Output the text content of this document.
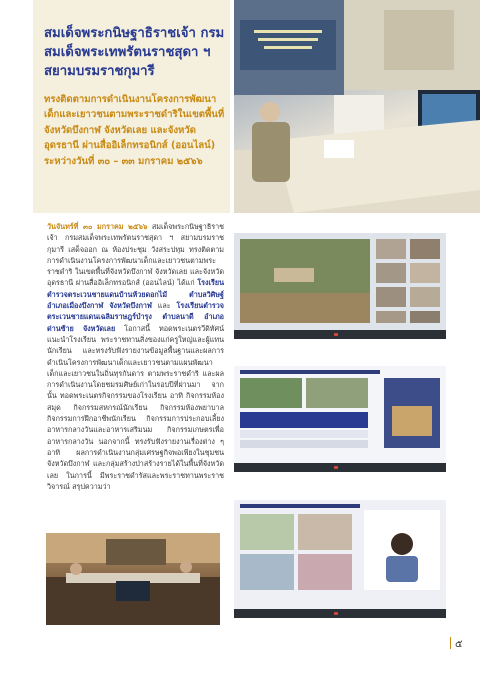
สมเด็จพระกนิษฐาธิราชเจ้า กรมสมเด็จพระเทพรัตนราชสุดา ฯ สยามบรมราชกุมารี

ทรงติดตามการดำเนินงานโครงการพัฒนาเด็กและเยาวชนตามพระราชดำริในเขตพื้นที่จังหวัดบึงกาฬ จังหวัดเลย และจังหวัดอุดรธานี ผ่านสื่ออิเล็กทรอนิกส์ (ออนไลน์) ระหว่างวันที่ ๓๐ – ๓๓ มกราคม ๒๕๖๖

วันจันทร์ที่ ๓๐ มกราคม ๒๕๖๖ สมเด็จพระกนิษฐาธิราชเจ้า กรมสมเด็จพระเทพรัตนราชสุดา ฯ สยามบรมราชกุมารี เสด็จออก ณ ห้องประชุม วังสระปทุม ทรงติดตามการดำเนินงานโครงการพัฒนาเด็กและเยาวชนตามพระราชดำริ ในเขตพื้นที่จังหวัดบึงกาฬ จังหวัดเลย และจังหวัดอุดรธานี ผ่านสื่ออิเล็กทรอนิกส์ (ออนไลน์) ได้แก่ โรงเรียนตำรวจตระเวนชายแดนบ้านห้วยดอกไม้ ตำบลวิศิษฐ์ อำเภอเมืองบึงกาฬ จังหวัดบึงกาฬ และ โรงเรียนตำรวจตระเวนชายแดนเฉลิมราษฎร์บำรุง ตำบลนาดี อำเภอด่านซ้าย จังหวัดเลย โอกาสนี้ ทอดพระเนตรวีดิทัศน์แนะนำโรงเรียน พระราชทานสิ่งของแก่ครูใหญ่และผู้แทนนักเรียน และทรงรับฟังรายงานข้อมูลพื้นฐานและผลการดำเนินโครงการพัฒนาเด็กและเยาวชนตามแผนพัฒนาเด็กและเยาวชนในถิ่นทุรกันดาร ตามพระราชดำริ และผลการดำเนินงานโดยชมรมศิษย์เก่าในรอบปีที่ผ่านมา จากนั้น ทอดพระเนตรกิจกรรมของโรงเรียน อาทิ กิจกรรมห้องสมุด กิจกรรมสหกรณ์นักเรียน กิจกรรมห้องพยาบาล กิจกรรมการฝึกอาชีพนักเรียน กิจกรรมการประกอบเลี้ยงอาหารกลางวันและอาหารเสริมนม กิจกรรมเกษตรเพื่ออาหารกลางวัน นอกจากนี้ ทรงรับฟังรายงานเรื่องต่าง ๆ อาทิ ผลการดำเนินงานกลุ่มเศรษฐกิจพอเพียงในชุมชนจังหวัดบึงกาฬ และกลุ่มสร้างป่าสร้างรายได้ในพื้นที่จังหวัดเลย ในการนี้ มีพระราชดำรัสและพระราชทานพระราชวิจารณ์ สรุปความว่า

๕
